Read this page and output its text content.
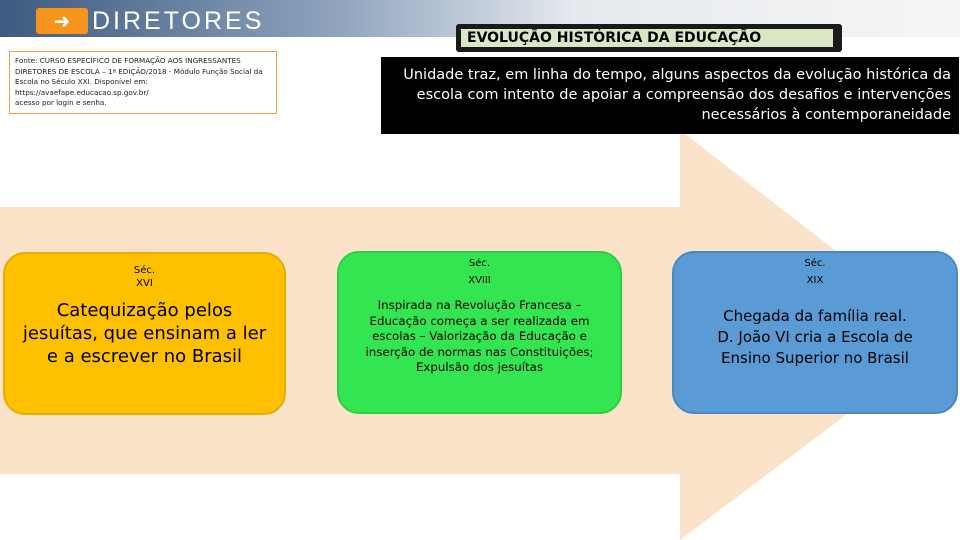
➜ DIRETORES
INGRESSANTES	EVOLUÇÃO HISTÓRICA DA EDUCAÇÃO
Fonte: CURSO ESPECÍFICO DE FORMAÇÃO AOS INGRESSANTES
DIRETORES DE ESCOLA – 1ª EDIÇÃO/2018 - Módulo Função Social da
Escola no Século XXI. Disponível em:
https://avaefape.educacao.sp.gov.br/
acesso por login e senha.
Unidade traz, em linha do tempo, alguns aspectos da evolução histórica da
escola com intento de apoiar a compreensão dos desafios e intervenções
necessários à contemporaneidade
Séc.
XVI
Catequização pelos
jesuítas, que ensinam a ler
e a escrever no Brasil
Séc.
XVIII
Inspirada na Revolução Francesa –
Educação começa a ser realizada em
escolas – Valorização da Educação e
inserção de normas nas Constituições;
Expulsão dos jesuítas
Séc.
XIX
Chegada da família real.
D. João VI cria a Escola de
Ensino Superior no Brasil
